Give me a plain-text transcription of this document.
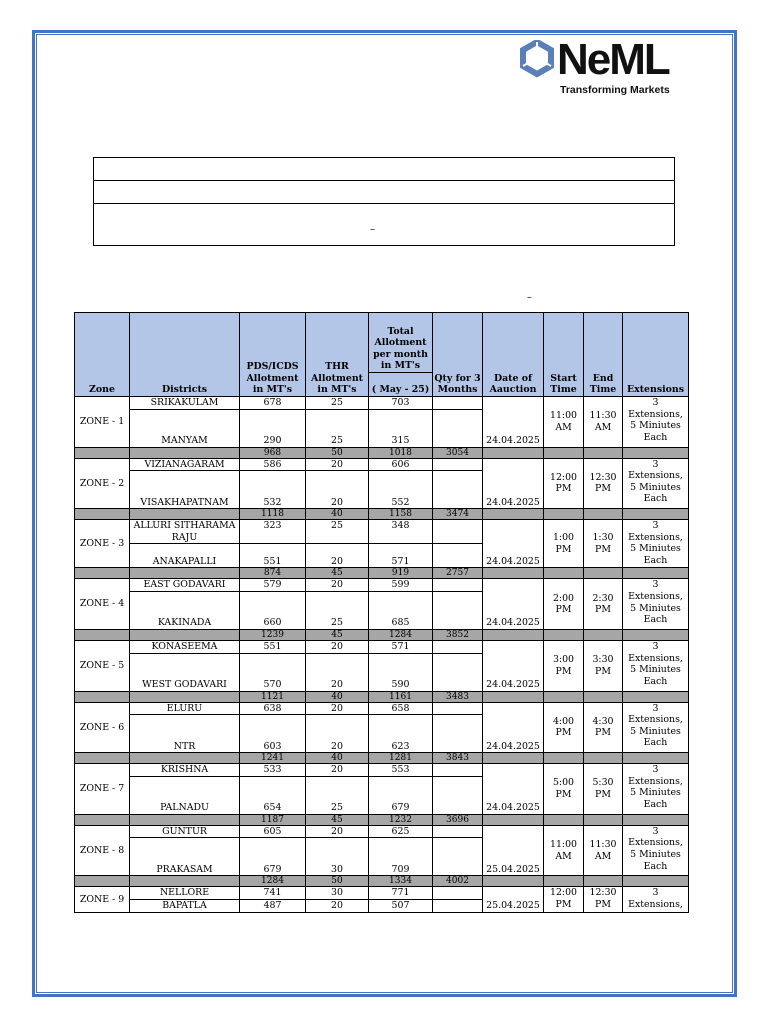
NeML
Transforming Markets
–
–
Zone	Districts	PDS/ICDS Allotment in MT's	THR Allotment in MT's	Total Allotment per month in MT's	Qty for 3 Months	Date of Aauction	Start Time	End Time	Extensions
				( May - 25)					
ZONE - 1	SRIKAKULAM	678	25	703		24.04.2025	11:00 AM	11:30 AM	3 Extensions, 5 Miniutes Each
	MANYAM	290	25	315					
		968	50	1018	3054				
ZONE - 2	VIZIANAGARAM	586	20	606		24.04.2025	12:00 PM	12:30 PM	3 Extensions, 5 Miniutes Each
	VISAKHAPATNAM	532	20	552					
		1118	40	1158	3474				
ZONE - 3	ALLURI SITHARAMA RAJU	323	25	348		24.04.2025	1:00 PM	1:30 PM	3 Extensions, 5 Miniutes Each
	ANAKAPALLI	551	20	571					
		874	45	919	2757				
ZONE - 4	EAST GODAVARI	579	20	599		24.04.2025	2:00 PM	2:30 PM	3 Extensions, 5 Miniutes Each
	KAKINADA	660	25	685					
		1239	45	1284	3852				
ZONE - 5	KONASEEMA	551	20	571		24.04.2025	3:00 PM	3:30 PM	3 Extensions, 5 Miniutes Each
	WEST GODAVARI	570	20	590					
		1121	40	1161	3483				
ZONE - 6	ELURU	638	20	658		24.04.2025	4:00 PM	4:30 PM	3 Extensions, 5 Miniutes Each
	NTR	603	20	623					
		1241	40	1281	3843				
ZONE - 7	KRISHNA	533	20	553		24.04.2025	5:00 PM	5:30 PM	3 Extensions, 5 Miniutes Each
	PALNADU	654	25	679					
		1187	45	1232	3696				
ZONE - 8	GUNTUR	605	20	625		25.04.2025	11:00 AM	11:30 AM	3 Extensions, 5 Miniutes Each
	PRAKASAM	679	30	709					
		1284	50	1334	4002				
ZONE - 9	NELLORE	741	30	771		25.04.2025	12:00 PM	12:30 PM	3 Extensions,
	BAPATLA	487	20	507					
